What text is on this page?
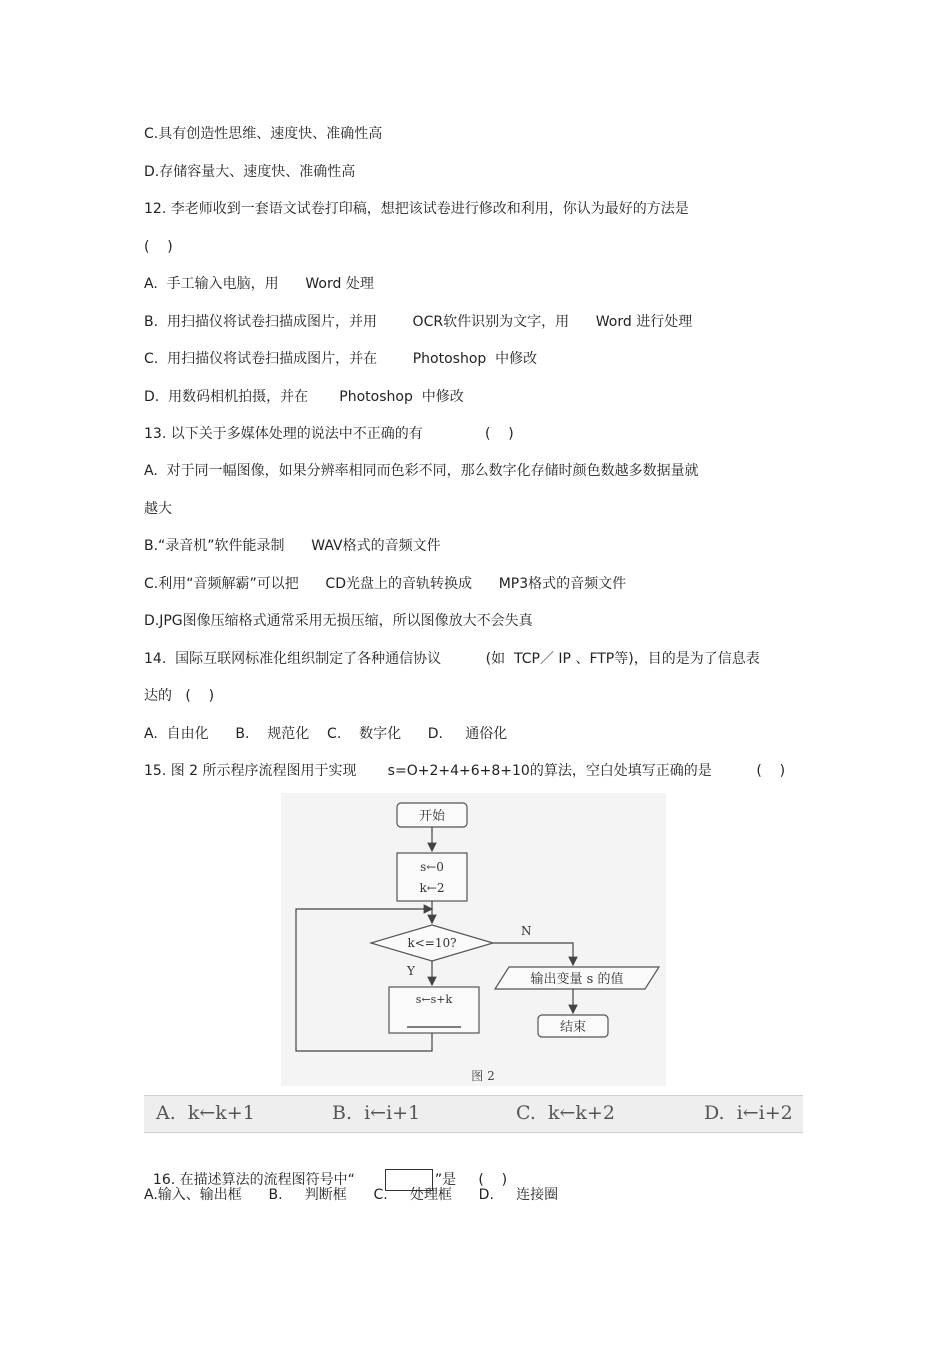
C.具有创造性思维、速度快、准确性高
D.存储容量大、速度快、准确性高
12. 李老师收到一套语文试卷打印稿，想把该试卷进行修改和利用，你认为最好的方法是
(    )
A.  手工输入电脑，用      Word 处理
B.  用扫描仪将试卷扫描成图片，并用        OCR软件识别为文字，用      Word 进行处理
C.  用扫描仪将试卷扫描成图片，并在        Photoshop  中修改
D.  用数码相机拍摄，并在       Photoshop  中修改
13. 以下关于多媒体处理的说法中不正确的有              (    )
A.  对于同一幅图像，如果分辨率相同而色彩不同，那么数字化存储时颜色数越多数据量就
越大
B.“录音机”软件能录制      WAV格式的音频文件
C.利用“音频解霸”可以把      CD光盘上的音轨转换成      MP3格式的音频文件
D.JPG图像压缩格式通常采用无损压缩，所以图像放大不会失真
14.  国际互联网标准化组织制定了各种通信协议          (如  TCP／ IP 、FTP等)，目的是为了信息表
达的   (    )
A.  自由化      B.    规范化    C.    数字化      D.     通俗化
15. 图 2 所示程序流程图用于实现       s=O+2+4+6+8+10的算法，空白处填写正确的是          (    )
开始
s←0
k←2
k<=10?
N
输出变量 s 的值
结束
Y
s←s+k
图 2
A.  k←k+1	B.  i←i+1	C.  k←k+2	D.  i←i+2

16. 在描述算法的流程图符号中“	”是     (    )

A.输入、输出框      B.     判断框      C.     处理框      D.     连接圈
